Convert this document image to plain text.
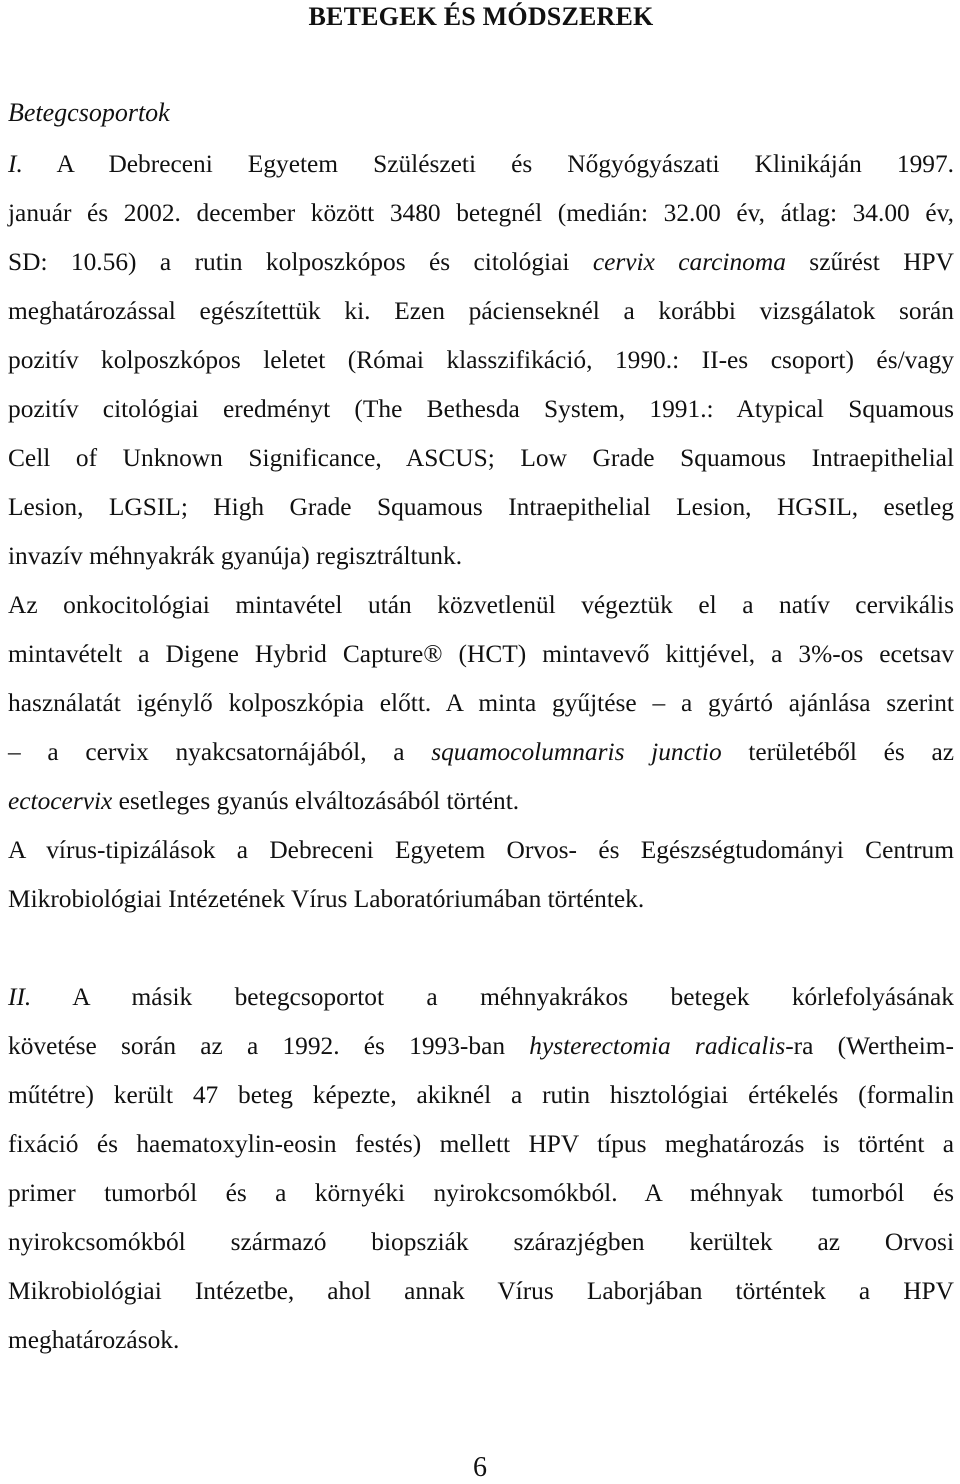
BETEGEK ÉS MÓDSZEREK
Betegcsoportok
I. A Debreceni Egyetem Szülészeti és Nőgyógyászati Klinikáján 1997.
január és 2002. december között 3480 betegnél (medián: 32.00 év, átlag: 34.00 év,
SD: 10.56) a rutin kolposzkópos és citológiai cervix carcinoma szűrést HPV
meghatározással egészítettük ki. Ezen pácienseknél a korábbi vizsgálatok során
pozitív kolposzkópos leletet (Római klasszifikáció, 1990.: II-es csoport) és/vagy
pozitív citológiai eredményt (The Bethesda System, 1991.: Atypical Squamous
Cell of Unknown Significance, ASCUS; Low Grade Squamous Intraepithelial
Lesion, LGSIL; High Grade Squamous Intraepithelial Lesion, HGSIL, esetleg
invazív méhnyakrák gyanúja) regisztráltunk.
Az onkocitológiai mintavétel után közvetlenül végeztük el a natív cervikális
mintavételt a Digene Hybrid Capture® (HCT) mintavevő kittjével, a 3%-os ecetsav
használatát igénylő kolposzkópia előtt. A minta gyűjtése – a gyártó ajánlása szerint
– a cervix nyakcsatornájából, a squamocolumnaris junctio területéből és az
ectocervix esetleges gyanús elváltozásából történt.
A vírus-tipizálások a Debreceni Egyetem Orvos- és Egészségtudományi Centrum
Mikrobiológiai Intézetének Vírus Laboratóriumában történtek.
II. A másik betegcsoportot a méhnyakrákos betegek kórlefolyásának
követése során az a 1992. és 1993-ban hysterectomia radicalis-ra (Wertheim-
műtétre) került 47 beteg képezte, akiknél a rutin hisztológiai értékelés (formalin
fixáció és haematoxylin-eosin festés) mellett HPV típus meghatározás is történt a
primer tumorból és a környéki nyirokcsomókból. A méhnyak tumorból és
nyirokcsomókból származó biopsziák szárazjégben kerültek az Orvosi
Mikrobiológiai Intézetbe, ahol annak Vírus Laborjában történtek a HPV
meghatározások.
6
